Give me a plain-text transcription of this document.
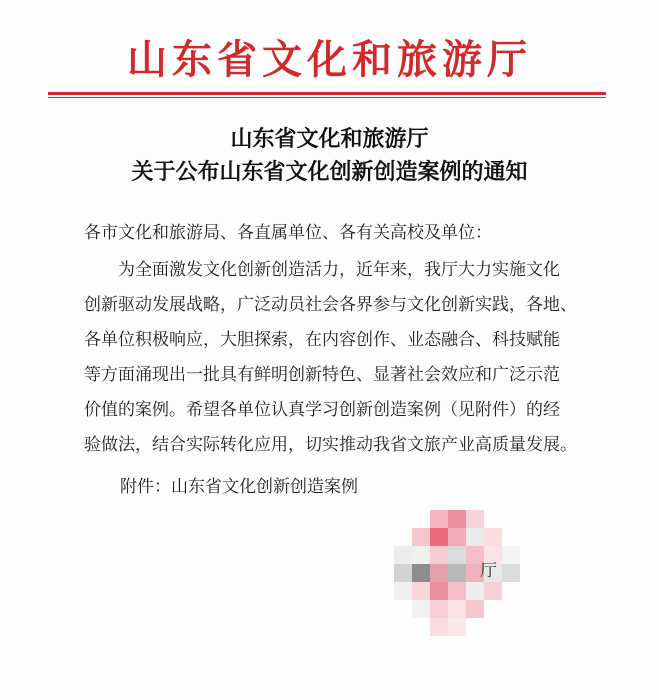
山东省文化和旅游厅
山东省文化和旅游厅
关于公布山东省文化创新创造案例的通知
各市文化和旅游局、各直属单位、各有关高校及单位：
为全面激发文化创新创造活力，近年来，我厅大力实施文化
创新驱动发展战略，广泛动员社会各界参与文化创新实践，各地、
各单位积极响应，大胆探索，在内容创作、业态融合、科技赋能
等方面涌现出一批具有鲜明创新特色、显著社会效应和广泛示范
价值的案例。希望各单位认真学习创新创造案例（见附件）的经
验做法，结合实际转化应用，切实推动我省文旅产业高质量发展。
附件：山东省文化创新创造案例
厅
